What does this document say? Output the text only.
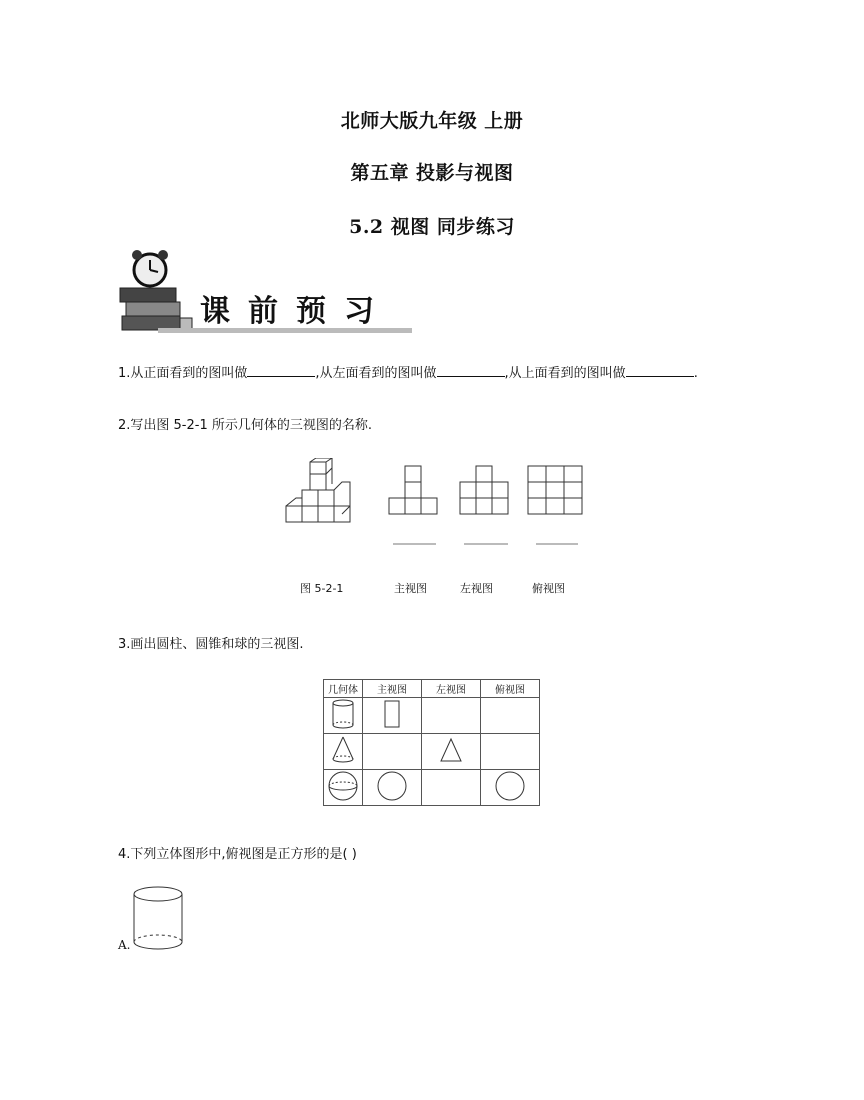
北师大版九年级 上册
第五章 投影与视图
5.2 视图 同步练习
课前预习
1.从正面看到的图叫做	,从左面看到的图叫做	,从上面看到的图叫做	.
2.写出图 5-2-1 所示几何体的三视图的名称.
图 5-2-1	主视图	左视图	俯视图
3.画出圆柱、圆锥和球的三视图.
几何体	主视图	左视图	俯视图

4.下列立体图形中,俯视图是正方形的是( )
A.
